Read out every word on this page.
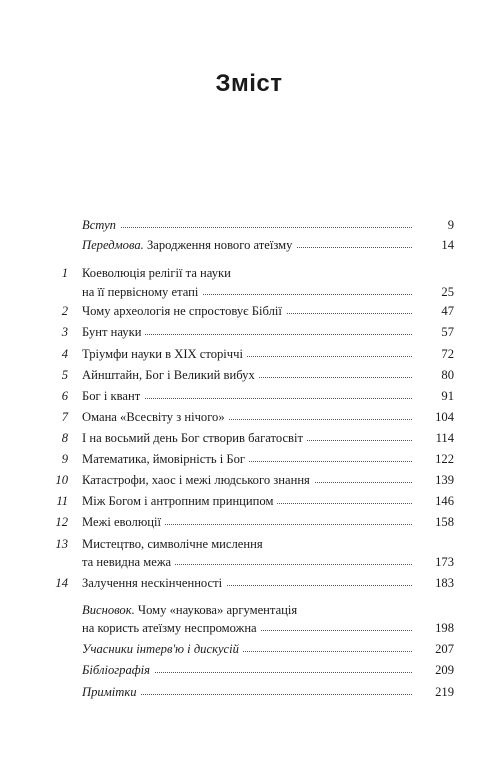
Зміст
Вступ	9
Передмова. Зародження нового атеїзму	14
1 Коеволюція релігії та науки
на її первісному етапі	25
2 Чому археологія не спростовує Біблії	47
3 Бунт науки	57
4 Тріумфи науки в XIX сторіччі	72
5 Айнштайн, Бог і Великий вибух	80
6 Бог і квант	91
7 Омана «Всесвіту з нічого»	104
8 І на восьмий день Бог створив багатосвіт	114
9 Математика, ймовірність і Бог	122
10 Катастрофи, хаос і межі людського знання	139
11 Між Богом і антропним принципом	146
12 Межі еволюції	158
13 Мистецтво, символічне мислення
та невидна межа	173
14 Залучення нескінченності	183
Висновок. Чому «наукова» аргументація
на користь атеїзму неспроможна	198
Учасники інтерв'ю і дискусій	207
Бібліографія	209
Примітки	219
